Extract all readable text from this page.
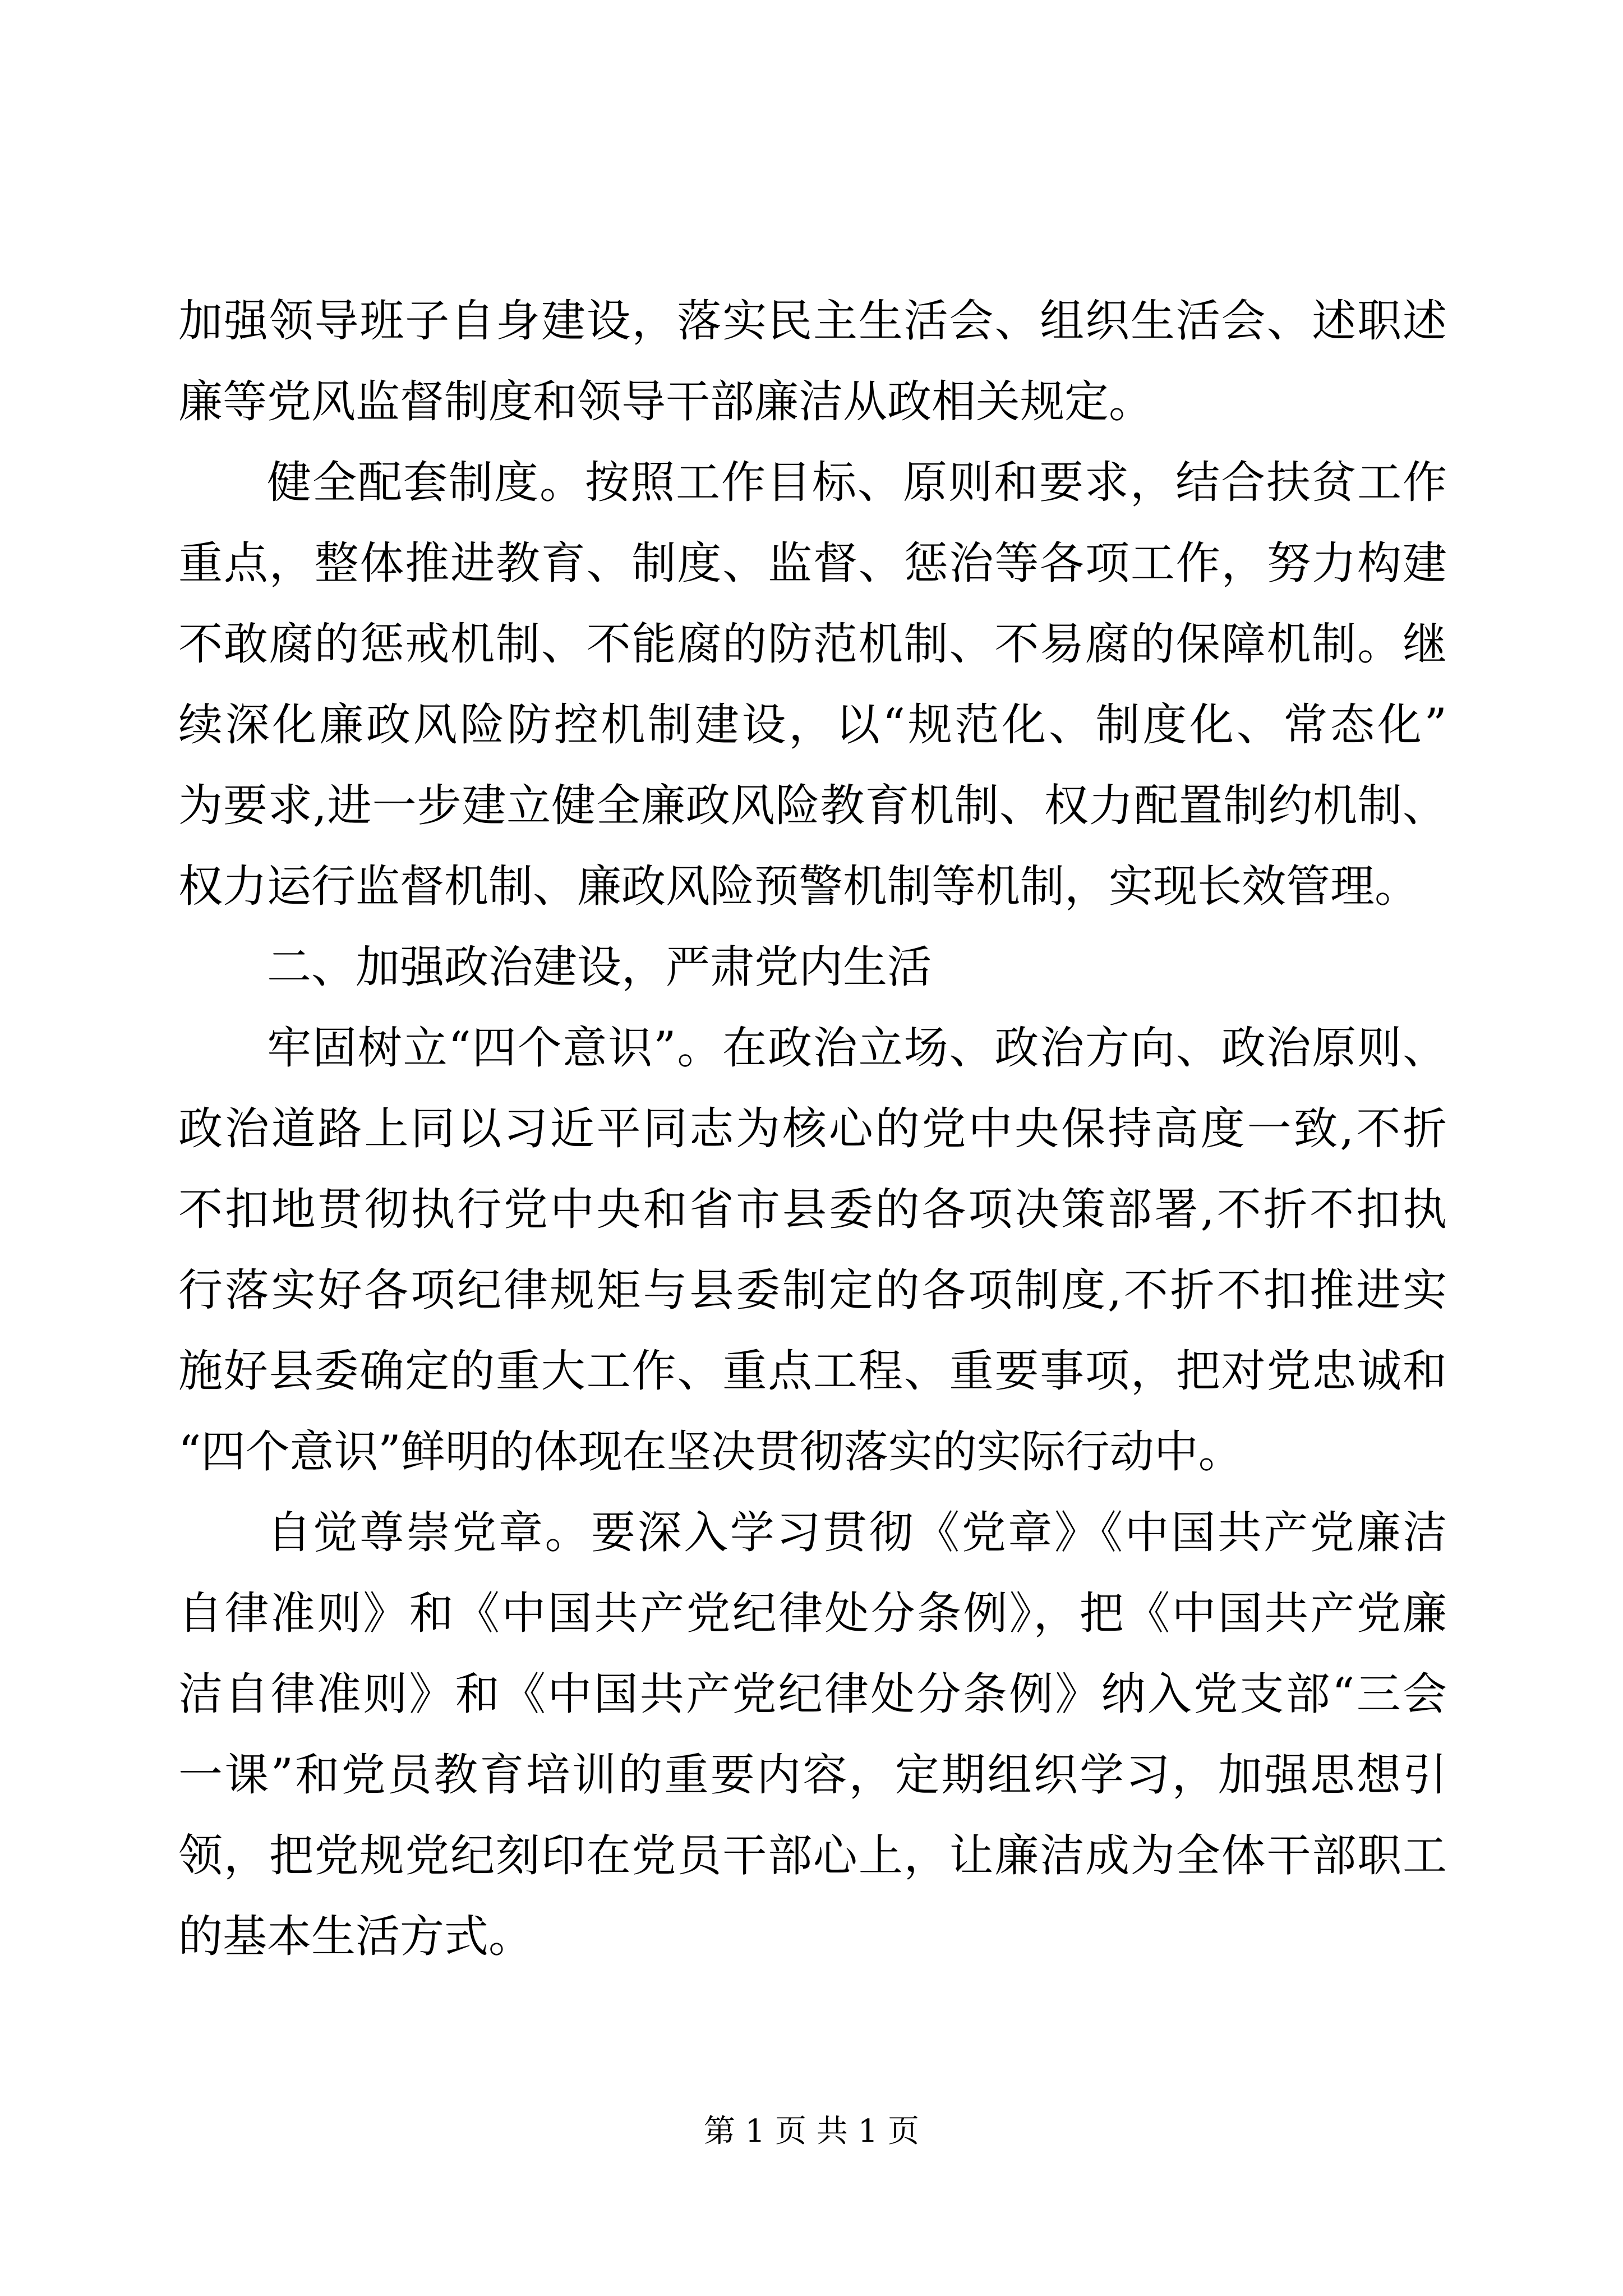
加强领导班子自身建设，落实民主生活会、组织生活会、述职述
廉等党风监督制度和领导干部廉洁从政相关规定。
健全配套制度。按照工作目标、原则和要求，结合扶贫工作
重点，整体推进教育、制度、监督、惩治等各项工作，努力构建
不敢腐的惩戒机制、不能腐的防范机制、不易腐的保障机制。继
续深化廉政风险防控机制建设，以“规范化、制度化、常态化”
为要求,进一步建立健全廉政风险教育机制、权力配置制约机制、
权力运行监督机制、廉政风险预警机制等机制，实现长效管理。
二、加强政治建设，严肃党内生活
牢固树立“四个意识”。在政治立场、政治方向、政治原则、
政治道路上同以习近平同志为核心的党中央保持高度一致,不折
不扣地贯彻执行党中央和省市县委的各项决策部署,不折不扣执
行落实好各项纪律规矩与县委制定的各项制度,不折不扣推进实
施好县委确定的重大工作、重点工程、重要事项，把对党忠诚和
“四个意识”鲜明的体现在坚决贯彻落实的实际行动中。
自觉尊崇党章。要深入学习贯彻《党章》《中国共产党廉洁
自律准则》和《中国共产党纪律处分条例》，把《中国共产党廉
洁自律准则》和《中国共产党纪律处分条例》纳入党支部“三会
一课”和党员教育培训的重要内容，定期组织学习，加强思想引
领，把党规党纪刻印在党员干部心上，让廉洁成为全体干部职工
的基本生活方式。
第 1 页 共 1 页
